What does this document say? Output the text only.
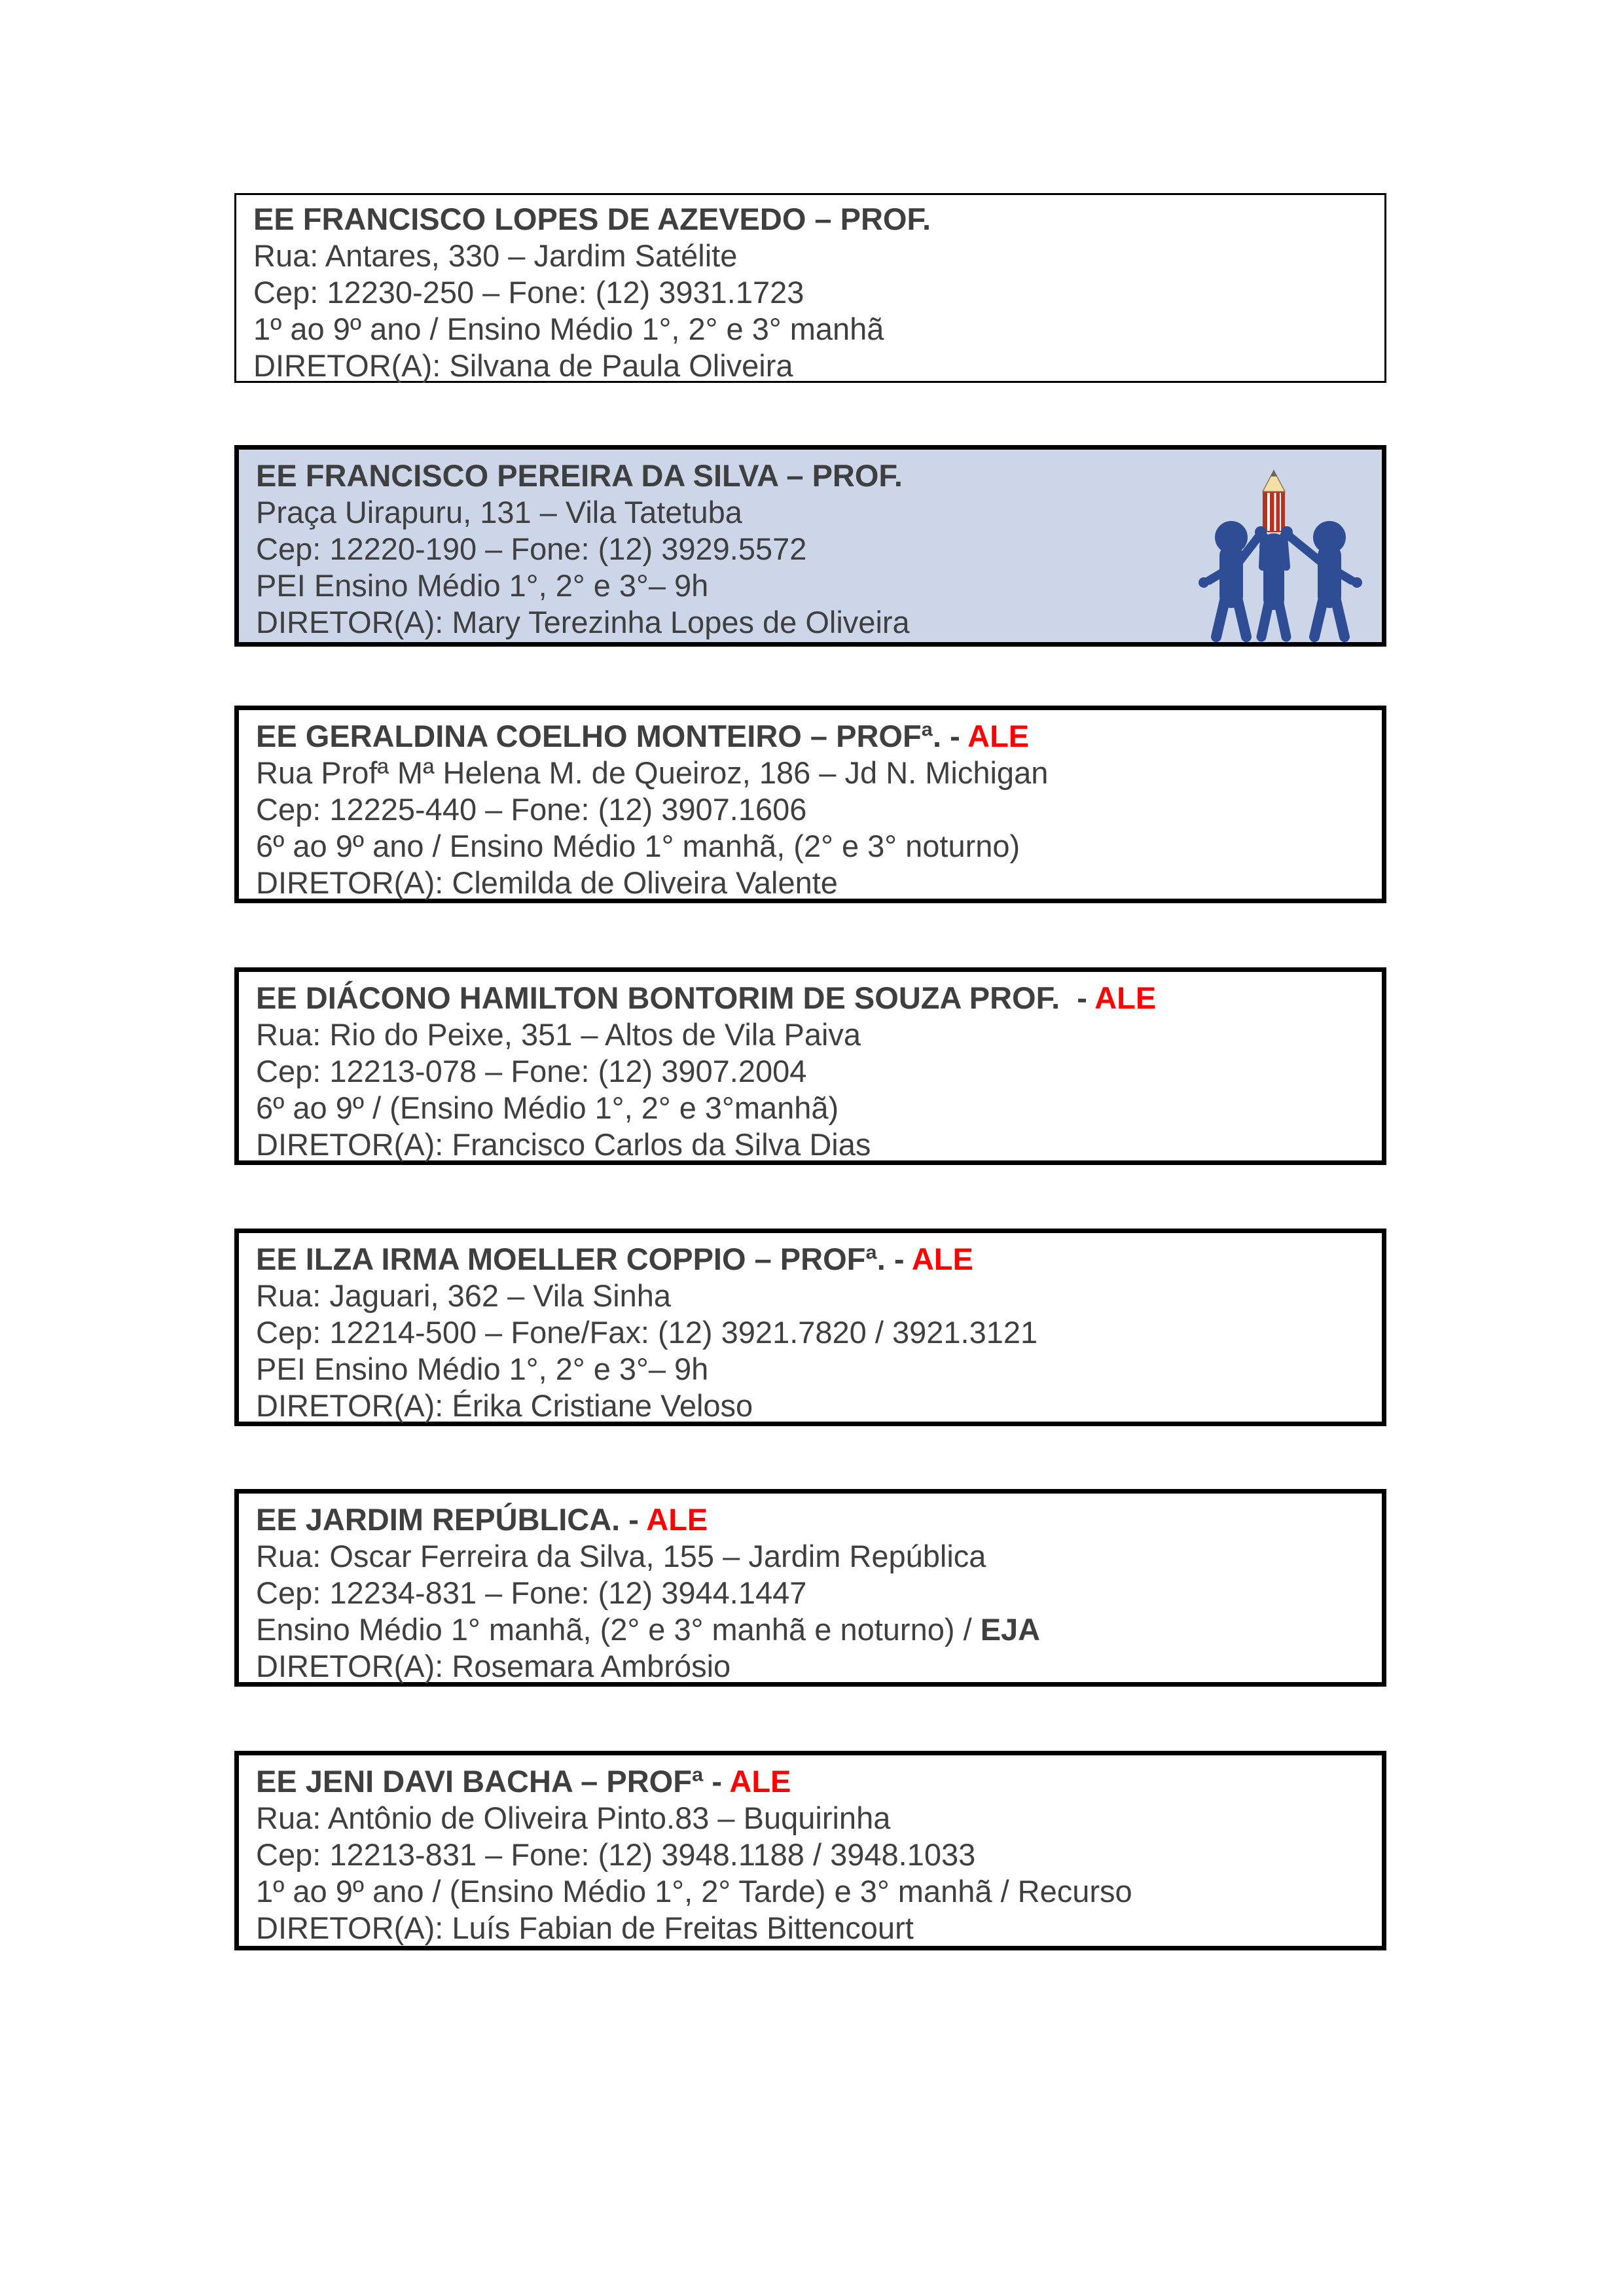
EE FRANCISCO LOPES DE AZEVEDO – PROF.

Rua: Antares, 330 – Jardim Satélite

Cep: 12230-250 – Fone: (12) 3931.1723

1º ao 9º ano / Ensino Médio 1°, 2° e 3° manhã

DIRETOR(A): Silvana de Paula Oliveira

EE FRANCISCO PEREIRA DA SILVA – PROF.

Praça Uirapuru, 131 – Vila Tatetuba

Cep: 12220-190 – Fone: (12) 3929.5572

PEI Ensino Médio 1°, 2° e 3°– 9h

DIRETOR(A): Mary Terezinha Lopes de Oliveira

EE GERALDINA COELHO MONTEIRO – PROFª. - ALE

Rua Profª Mª Helena M. de Queiroz, 186 – Jd N. Michigan

Cep: 12225-440 – Fone: (12) 3907.1606

6º ao 9º ano / Ensino Médio 1° manhã, (2° e 3° noturno)

DIRETOR(A): Clemilda de Oliveira Valente

EE DIÁCONO HAMILTON BONTORIM DE SOUZA PROF.  - ALE

Rua: Rio do Peixe, 351 – Altos de Vila Paiva

Cep: 12213-078 – Fone: (12) 3907.2004

6º ao 9º / (Ensino Médio 1°, 2° e 3°manhã)

DIRETOR(A): Francisco Carlos da Silva Dias

EE ILZA IRMA MOELLER COPPIO – PROFª. - ALE

Rua: Jaguari, 362 – Vila Sinha

Cep: 12214-500 – Fone/Fax: (12) 3921.7820 / 3921.3121

PEI Ensino Médio 1°, 2° e 3°– 9h

DIRETOR(A): Érika Cristiane Veloso

EE JARDIM REPÚBLICA. - ALE

Rua: Oscar Ferreira da Silva, 155 – Jardim República

Cep: 12234-831 – Fone: (12) 3944.1447

Ensino Médio 1° manhã, (2° e 3° manhã e noturno) / EJA

DIRETOR(A): Rosemara Ambrósio

EE JENI DAVI BACHA – PROFª - ALE

Rua: Antônio de Oliveira Pinto.83 – Buquirinha

Cep: 12213-831 – Fone: (12) 3948.1188 / 3948.1033

1º ao 9º ano / (Ensino Médio 1°, 2° Tarde) e 3° manhã / Recurso

DIRETOR(A): Luís Fabian de Freitas Bittencourt
